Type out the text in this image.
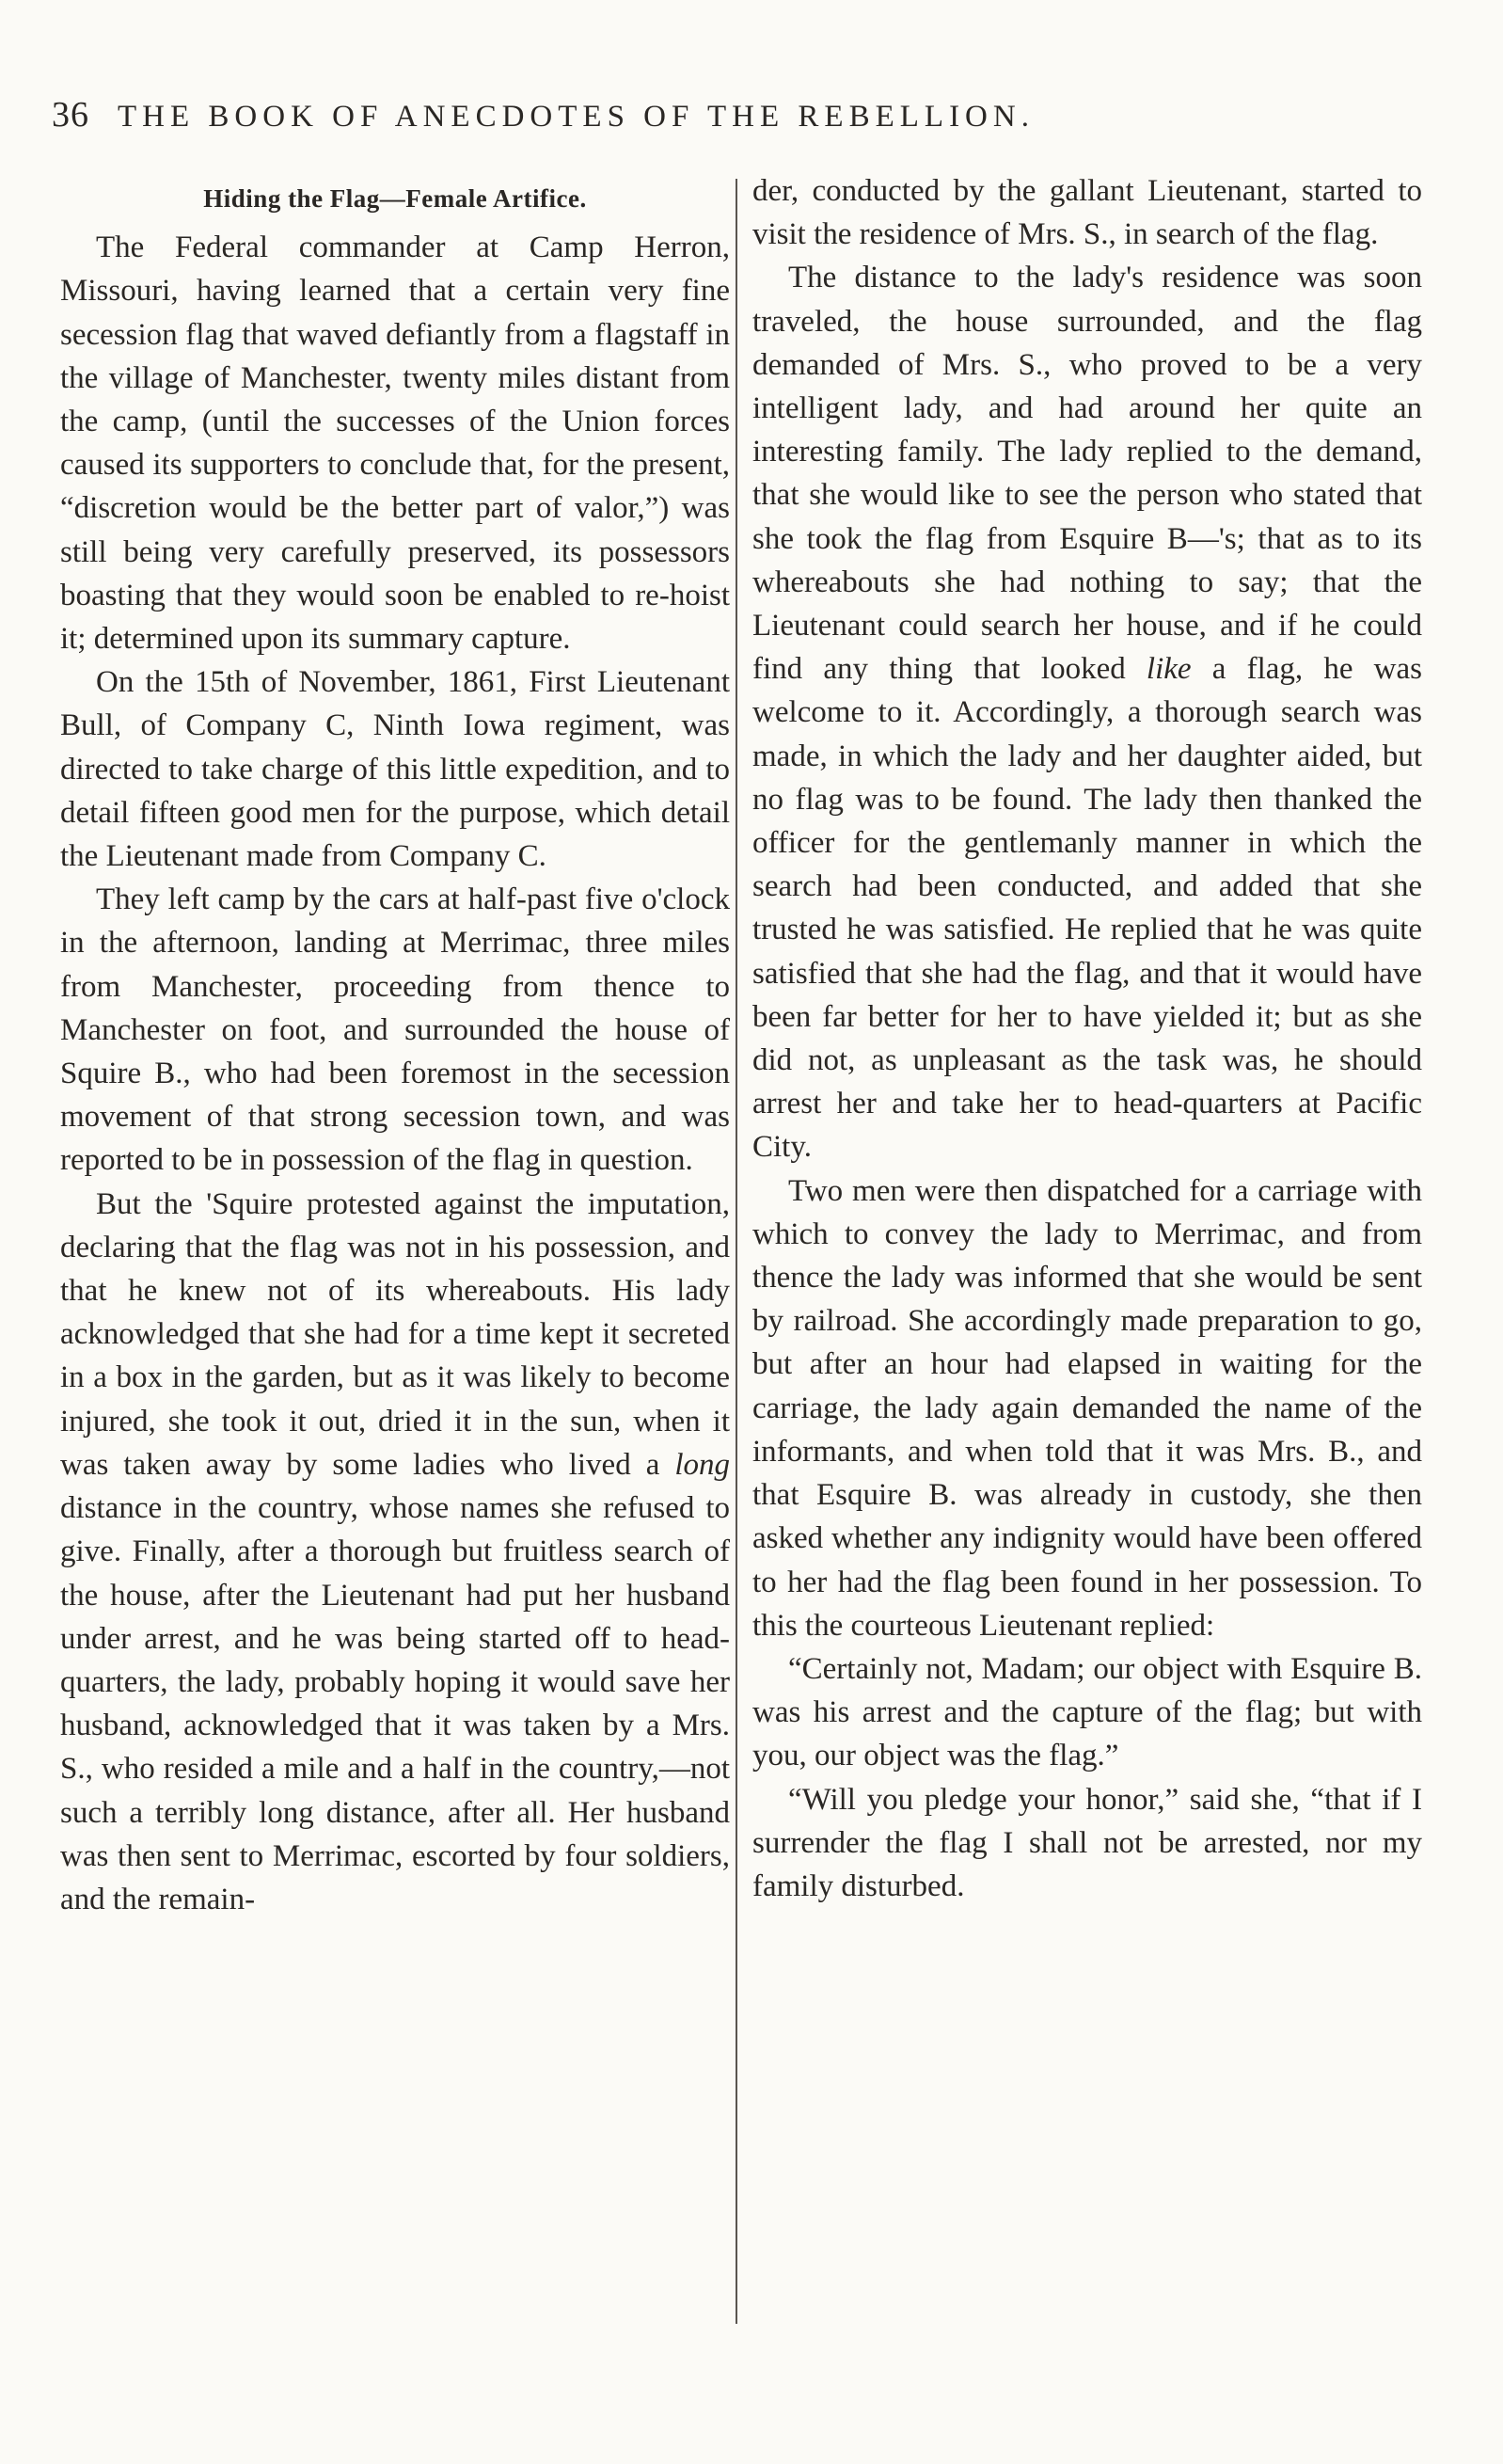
36 THE BOOK OF ANECDOTES OF THE REBELLION.
Hiding the Flag—Female Artifice.

The Federal commander at Camp Herron, Missouri, having learned that a certain very fine secession flag that waved defiantly from a flagstaff in the village of Manchester, twenty miles distant from the camp, (until the successes of the Union forces caused its supporters to conclude that, for the present, “discretion would be the better part of valor,”) was still being very carefully preserved, its possessors boasting that they would soon be enabled to re-hoist it; determined upon its summary capture.

On the 15th of November, 1861, First Lieutenant Bull, of Company C, Ninth Iowa regiment, was directed to take charge of this little expedition, and to detail fifteen good men for the purpose, which detail the Lieutenant made from Company C.

They left camp by the cars at half-past five o'clock in the afternoon, landing at Merrimac, three miles from Manchester, proceeding from thence to Manchester on foot, and surrounded the house of Squire B., who had been foremost in the secession movement of that strong secession town, and was reported to be in possession of the flag in question.

But the 'Squire protested against the imputation, declaring that the flag was not in his possession, and that he knew not of its whereabouts. His lady acknowledged that she had for a time kept it secreted in a box in the garden, but as it was likely to become injured, she took it out, dried it in the sun, when it was taken away by some ladies who lived a long distance in the country, whose names she refused to give. Finally, after a thorough but fruitless search of the house, after the Lieutenant had put her husband under arrest, and he was being started off to head-quarters, the lady, probably hoping it would save her husband, acknowledged that it was taken by a Mrs. S., who resided a mile and a half in the country,—not such a terribly long distance, after all. Her husband was then sent to Merrimac, escorted by four soldiers, and the remain-

der, conducted by the gallant Lieutenant, started to visit the residence of Mrs. S., in search of the flag.

The distance to the lady's residence was soon traveled, the house surrounded, and the flag demanded of Mrs. S., who proved to be a very intelligent lady, and had around her quite an interesting family. The lady replied to the demand, that she would like to see the person who stated that she took the flag from Esquire B—'s; that as to its whereabouts she had nothing to say; that the Lieutenant could search her house, and if he could find any thing that looked like a flag, he was welcome to it. Accordingly, a thorough search was made, in which the lady and her daughter aided, but no flag was to be found. The lady then thanked the officer for the gentlemanly manner in which the search had been conducted, and added that she trusted he was satisfied. He replied that he was quite satisfied that she had the flag, and that it would have been far better for her to have yielded it; but as she did not, as unpleasant as the task was, he should arrest her and take her to head-quarters at Pacific City.

Two men were then dispatched for a carriage with which to convey the lady to Merrimac, and from thence the lady was informed that she would be sent by railroad. She accordingly made preparation to go, but after an hour had elapsed in waiting for the carriage, the lady again demanded the name of the informants, and when told that it was Mrs. B., and that Esquire B. was already in custody, she then asked whether any indignity would have been offered to her had the flag been found in her possession. To this the courteous Lieutenant replied:

“Certainly not, Madam; our object with Esquire B. was his arrest and the capture of the flag; but with you, our object was the flag.”

“Will you pledge your honor,” said she, “that if I surrender the flag I shall not be arrested, nor my family disturbed.
